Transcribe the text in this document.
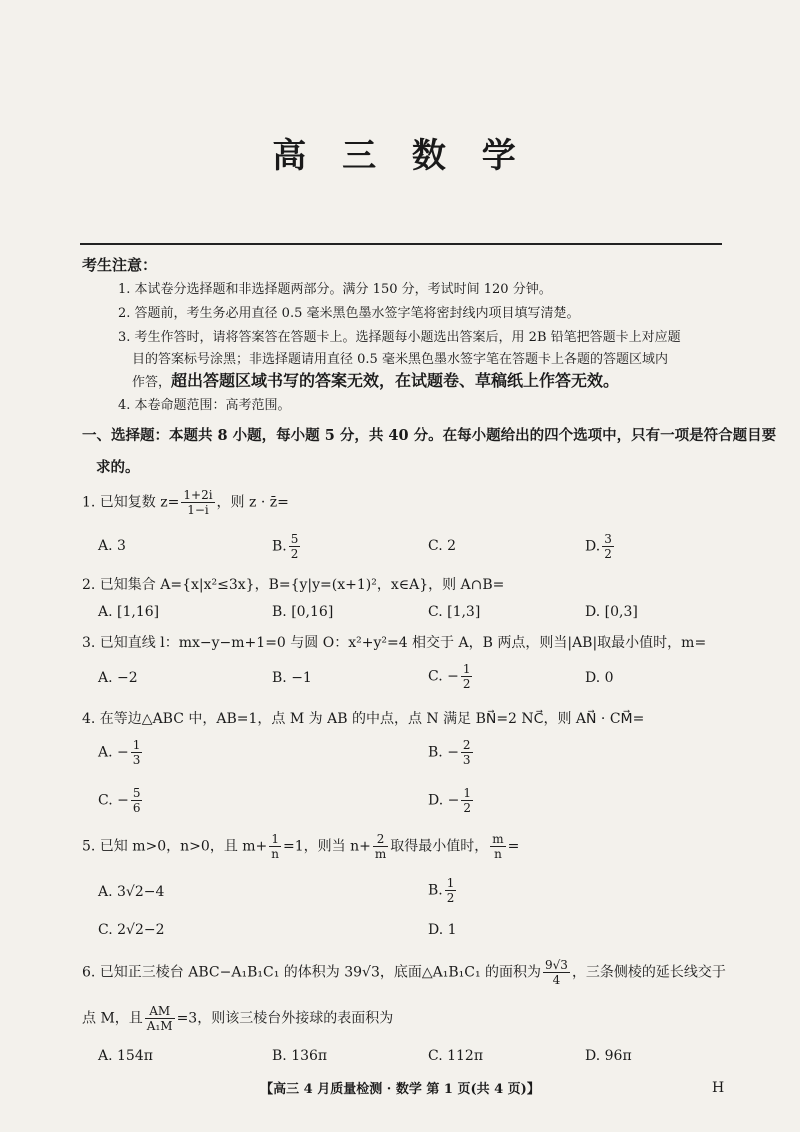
高 三 数 学
考生注意：
1. 本试卷分选择题和非选择题两部分。满分 150 分，考试时间 120 分钟。
2. 答题前，考生务必用直径 0.5 毫米黑色墨水签字笔将密封线内项目填写清楚。
3. 考生作答时，请将答案答在答题卡上。选择题每小题选出答案后，用 2B 铅笔把答题卡上对应题
目的答案标号涂黑；非选择题请用直径 0.5 毫米黑色墨水签字笔在答题卡上各题的答题区域内
作答，超出答题区域书写的答案无效，在试题卷、草稿纸上作答无效。
4. 本卷命题范围：高考范围。
一、选择题：本题共 8 小题，每小题 5 分，共 40 分。在每小题给出的四个选项中，只有一项是符合题目要
求的。
1. 已知复数 $z= \frac{1+2i}{1-i}$ ，则 z · z̄=
A. 3	B. $\frac{5}{2}$	C. 2	D. $\frac{3}{2}$
2. 已知集合 A={x|x²≤3x}，B={y|y=(x+1)²，x∈A}，则 A∩B=
A. [1,16]	B. [0,16]	C. [1,3]	D. [0,3]
3. 已知直线 l：mx−y−m+1=0 与圆 O：x²+y²=4 相交于 A，B 两点，则当|AB|取最小值时，m=
A. −2	B. −1	C. − $\frac{1}{2}$	D. 0
4. 在等边△ABC 中，AB=1，点 M 为 AB 的中点，点 N 满足 BN⃗=2 NC⃗，则 AN⃗ · CM⃗=
A. − $\frac{1}{3}$	B. − $\frac{2}{3}$
C. − $\frac{5}{6}$	D. − $\frac{1}{2}$
5. 已知 m>0，n>0，且 $m+ \frac{1}{n} =1$，则当 $n+ \frac{2}{m}$ 取得最小值时， $\frac{m}{n}$ =
A. 3√2−4	B. $\frac{1}{2}$
C. 2√2−2	D. 1
6. 已知正三棱台 ABC−A₁B₁C₁ 的体积为 39√3，底面△A₁B₁C₁ 的面积为 $\frac{9√3}{4}$ ，三条侧棱的延长线交于
点 M，且 $\frac{AM}{\text{A₁M}} =3$，则该三棱台外接球的表面积为
A. 154π	B. 136π	C. 112π	D. 96π
【高三 4 月质量检测 · 数学 第 1 页(共 4 页)】	H
